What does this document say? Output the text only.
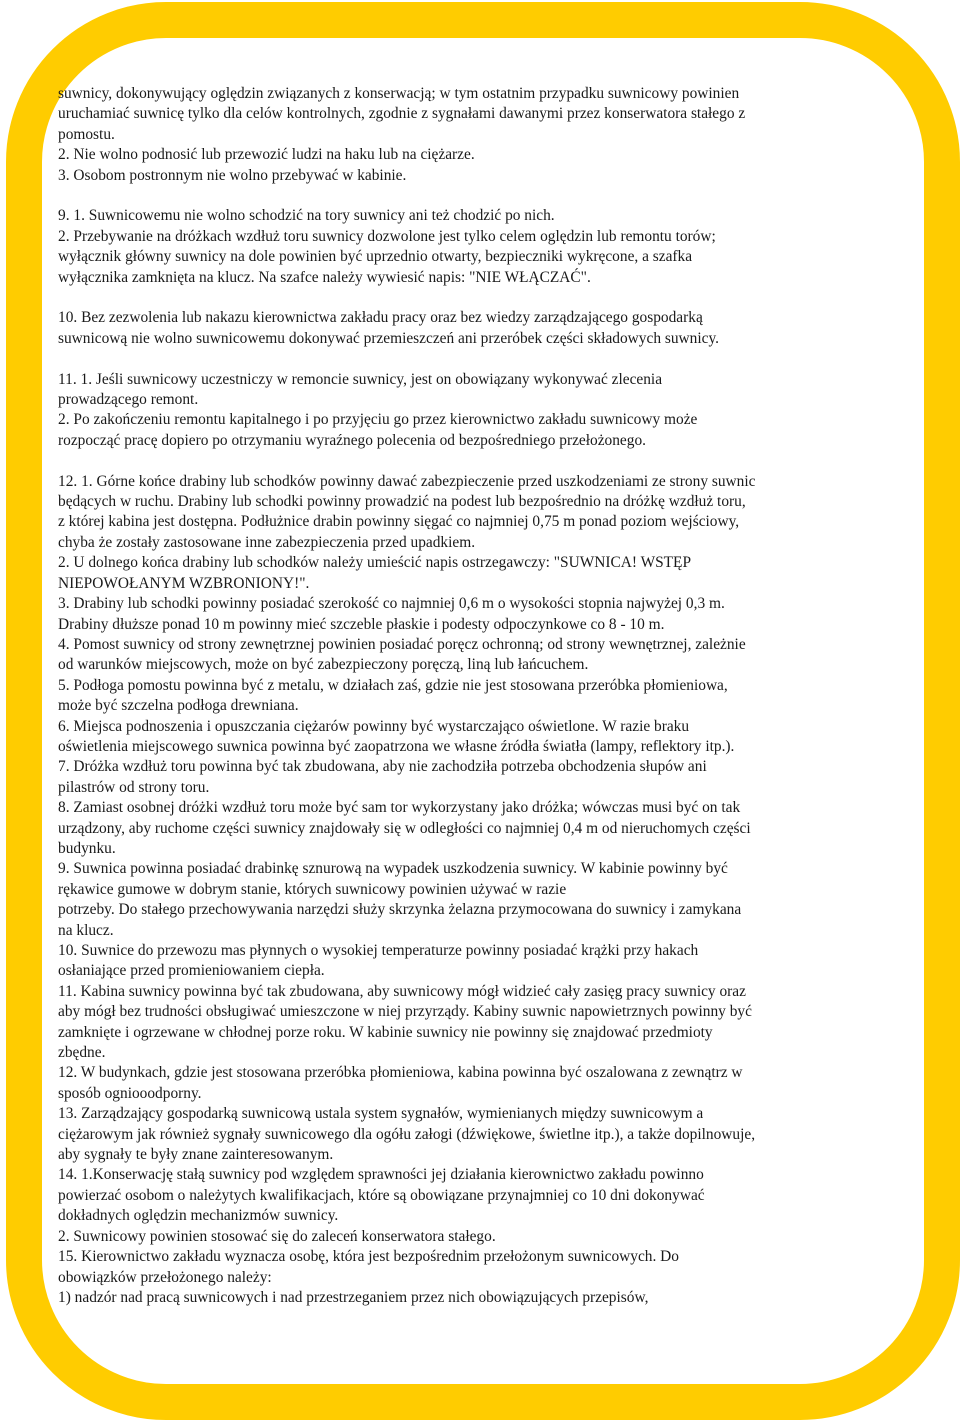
suwnicy, dokonywujący oględzin związanych z konserwacją; w tym ostatnim przypadku suwnicowy powinien
uruchamiać suwnicę tylko dla celów kontrolnych, zgodnie z sygnałami dawanymi przez konserwatora stałego z
pomostu.
2. Nie wolno podnosić lub przewozić ludzi na haku lub na ciężarze.
3. Osobom postronnym nie wolno przebywać w kabinie.
9. 1. Suwnicowemu nie wolno schodzić na tory suwnicy ani też chodzić po nich.
2. Przebywanie na dróżkach wzdłuż toru suwnicy dozwolone jest tylko celem oględzin lub remontu torów;
wyłącznik główny suwnicy na dole powinien być uprzednio otwarty, bezpieczniki wykręcone, a szafka
wyłącznika zamknięta na klucz. Na szafce należy wywiesić napis: "NIE WŁĄCZAĆ".
10. Bez zezwolenia lub nakazu kierownictwa zakładu pracy oraz bez wiedzy zarządzającego gospodarką
suwnicową nie wolno suwnicowemu dokonywać przemieszczeń ani przeróbek części składowych suwnicy.
11. 1. Jeśli suwnicowy uczestniczy w remoncie suwnicy, jest on obowiązany wykonywać zlecenia
prowadzącego remont.
2. Po zakończeniu remontu kapitalnego i po przyjęciu go przez kierownictwo zakładu suwnicowy może
rozpocząć pracę dopiero po otrzymaniu wyraźnego polecenia od bezpośredniego przełożonego.
12. 1. Górne końce drabiny lub schodków powinny dawać zabezpieczenie przed uszkodzeniami ze strony suwnic
będących w ruchu. Drabiny lub schodki powinny prowadzić na podest lub bezpośrednio na dróżkę wzdłuż toru,
z której kabina jest dostępna. Podłużnice drabin powinny sięgać co najmniej 0,75 m ponad poziom wejściowy,
chyba że zostały zastosowane inne zabezpieczenia przed upadkiem.
2. U dolnego końca drabiny lub schodków należy umieścić napis ostrzegawczy: "SUWNICA! WSTĘP
NIEPOWOŁANYM WZBRONIONY!".
3. Drabiny lub schodki powinny posiadać szerokość co najmniej 0,6 m o wysokości stopnia najwyżej 0,3 m.
Drabiny dłuższe ponad 10 m powinny mieć szczeble płaskie i podesty odpoczynkowe co 8 - 10 m.
4. Pomost suwnicy od strony zewnętrznej powinien posiadać poręcz ochronną; od strony wewnętrznej, zależnie
od warunków miejscowych, może on być zabezpieczony poręczą, liną lub łańcuchem.
5. Podłoga pomostu powinna być z metalu, w działach zaś, gdzie nie jest stosowana przeróbka płomieniowa,
może być szczelna podłoga drewniana.
6. Miejsca podnoszenia i opuszczania ciężarów powinny być wystarczająco oświetlone. W razie braku
oświetlenia miejscowego suwnica powinna być zaopatrzona we własne źródła światła (lampy, reflektory itp.).
7. Dróżka wzdłuż toru powinna być tak zbudowana, aby nie zachodziła potrzeba obchodzenia słupów ani
pilastrów od strony toru.
8. Zamiast osobnej dróżki wzdłuż toru może być sam tor wykorzystany jako dróżka; wówczas musi być on tak
urządzony, aby ruchome części suwnicy znajdowały się w odległości co najmniej 0,4 m od nieruchomych części
budynku.
9. Suwnica powinna posiadać drabinkę sznurową na wypadek uszkodzenia suwnicy. W kabinie powinny być
rękawice gumowe w dobrym stanie, których suwnicowy powinien używać w razie
potrzeby. Do stałego przechowywania narzędzi służy skrzynka żelazna przymocowana do suwnicy i zamykana
na klucz.
10. Suwnice do przewozu mas płynnych o wysokiej temperaturze powinny posiadać krążki przy hakach
osłaniające przed promieniowaniem ciepła.
11. Kabina suwnicy powinna być tak zbudowana, aby suwnicowy mógł widzieć cały zasięg pracy suwnicy oraz
aby mógł bez trudności obsługiwać umieszczone w niej przyrządy. Kabiny suwnic napowietrznych powinny być
zamknięte i ogrzewane w chłodnej porze roku. W kabinie suwnicy nie powinny się znajdować przedmioty
zbędne.
12. W budynkach, gdzie jest stosowana przeróbka płomieniowa, kabina powinna być oszalowana z zewnątrz w
sposób ogniooodporny.
13. Zarządzający gospodarką suwnicową ustala system sygnałów, wymienianych między suwnicowym a
ciężarowym jak również sygnały suwnicowego dla ogółu załogi (dźwiękowe, świetlne itp.), a także dopilnowuje,
aby sygnały te były znane zainteresowanym.
14. 1.Konserwację stałą suwnicy pod względem sprawności jej działania kierownictwo zakładu powinno
powierzać osobom o należytych kwalifikacjach, które są obowiązane przynajmniej co 10 dni dokonywać
dokładnych oględzin mechanizmów suwnicy.
2. Suwnicowy powinien stosować się do zaleceń konserwatora stałego.
15. Kierownictwo zakładu wyznacza osobę, która jest bezpośrednim przełożonym suwnicowych. Do
obowiązków przełożonego należy:
1) nadzór nad pracą suwnicowych i nad przestrzeganiem przez nich obowiązujących przepisów,
